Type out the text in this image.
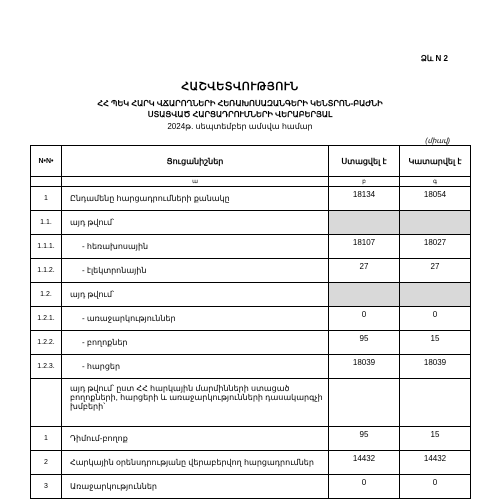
Ձև N 2
ՀԱՇՎԵՏՎՈՒԹՅՈՒՆ
ՀՀ ՊԵԿ ՀԱՐԿ ՎՃԱՐՈՂՆԵՐԻ ՀԵՌԱԽՈՍԱԶԱՆԳԵՐԻ ԿԵՆՏՐՈՆ-ԲԱԺՆԻ
ՍՏԱՑՎԱԾ ՀԱՐՑԱԴՐՈՒՄՆԵՐԻ ՎԵՐԱԲԵՐՅԱԼ
2024թ. սեպտեմբեր ամսվա համար
(միավ)
N•N•	Ցուցանիշներ	Ստացվել է	Կատարվել է
	ա	բ	գ
1	Ընդամենը հարցադրումների քանակը	18134	18054
1.1.	այդ թվում՝		
1.1.1.	- հեռախոսային	18107	18027
1.1.2.	- էլեկտրոնային	27	27
1.2.	այդ թվում՝		
1.2.1.	- առաջարկություններ	0	0
1.2.2.	- բողոքներ	95	15
1.2.3.	- հարցեր	18039	18039
	այդ թվում՝ ըստ ՀՀ հարկային մարմինների ստացած բողոքների, հարցերի և առաջարկությունների դասակարգչի խմբերի՝		
1	Դիմում-բողոք	95	15
2	Հարկային օրենսդրությանը վերաբերվող հարցադրումներ	14432	14432
3	Առաջարկություններ	0	0
